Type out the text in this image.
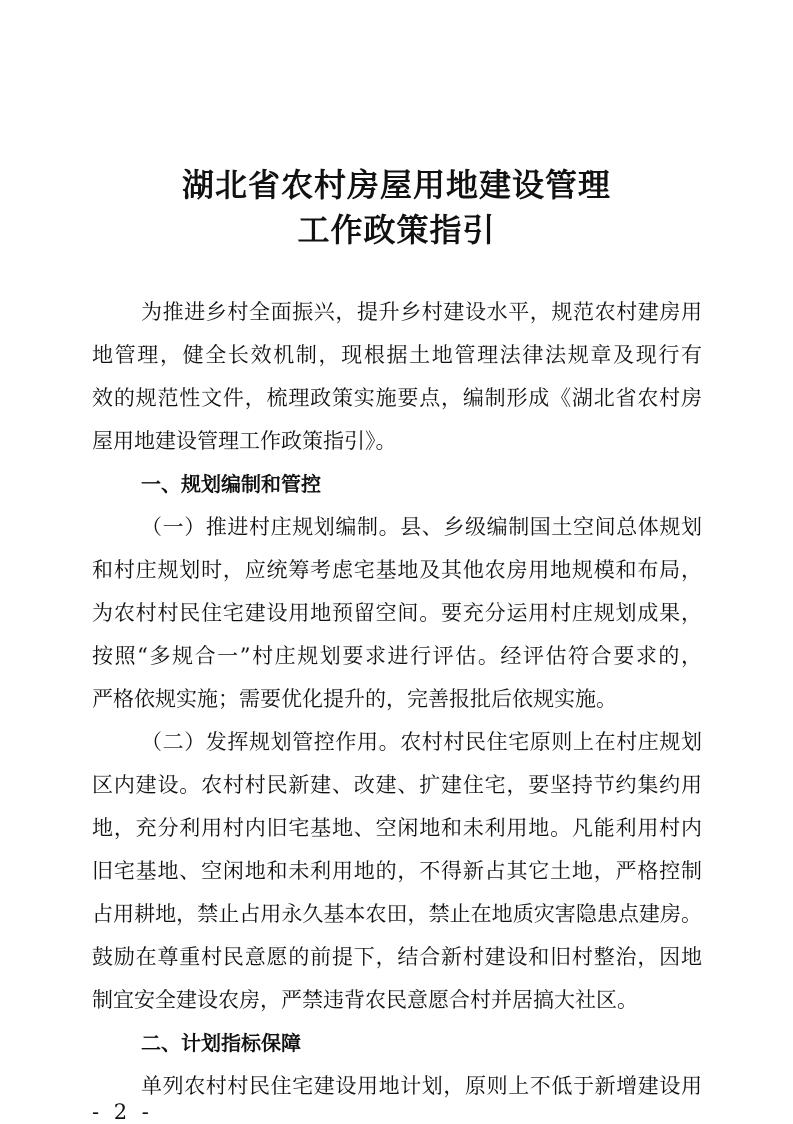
湖北省农村房屋用地建设管理
工作政策指引
为推进乡村全面振兴，提升乡村建设水平，规范农村建房用
地管理，健全长效机制，现根据土地管理法律法规章及现行有
效的规范性文件，梳理政策实施要点，编制形成《湖北省农村房
屋用地建设管理工作政策指引》。
一、规划编制和管控
（一）推进村庄规划编制。县、乡级编制国土空间总体规划
和村庄规划时，应统筹考虑宅基地及其他农房用地规模和布局，
为农村村民住宅建设用地预留空间。要充分运用村庄规划成果，
按照“多规合一”村庄规划要求进行评估。经评估符合要求的，
严格依规实施；需要优化提升的，完善报批后依规实施。
（二）发挥规划管控作用。农村村民住宅原则上在村庄规划
区内建设。农村村民新建、改建、扩建住宅，要坚持节约集约用
地，充分利用村内旧宅基地、空闲地和未利用地。凡能利用村内
旧宅基地、空闲地和未利用地的，不得新占其它土地，严格控制
占用耕地，禁止占用永久基本农田，禁止在地质灾害隐患点建房。
鼓励在尊重村民意愿的前提下，结合新村建设和旧村整治，因地
制宜安全建设农房，严禁违背农民意愿合村并居搞大社区。
二、计划指标保障
单列农村村民住宅建设用地计划，原则上不低于新增建设用
- 2 -
